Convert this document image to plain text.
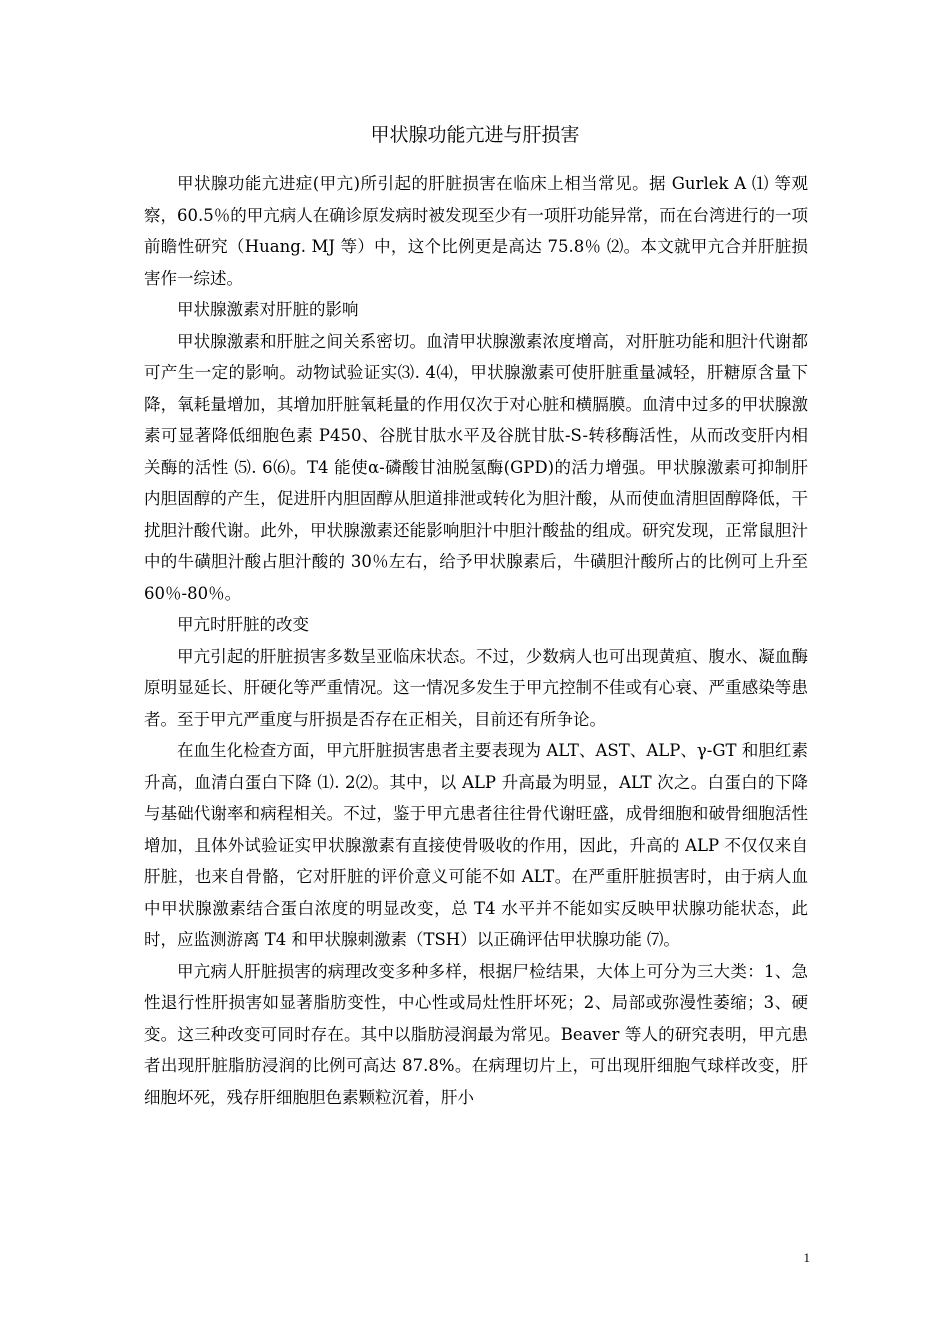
甲状腺功能亢进与肝损害

甲状腺功能亢进症(甲亢)所引起的肝脏损害在临床上相当常见。据 Gurlek A ⑴ 等观察，60.5％的甲亢病人在确诊原发病时被发现至少有一项肝功能异常，而在台湾进行的一项前瞻性研究（Huang. MJ 等）中，这个比例更是高达 75.8％ ⑵。本文就甲亢合并肝脏损害作一综述。

甲状腺激素对肝脏的影响

甲状腺激素和肝脏之间关系密切。血清甲状腺激素浓度增高，对肝脏功能和胆汁代谢都可产生一定的影响。动物试验证实⑶. 4⑷，甲状腺激素可使肝脏重量减轻，肝糖原含量下降，氧耗量增加，其增加肝脏氧耗量的作用仅次于对心脏和横膈膜。血清中过多的甲状腺激素可显著降低细胞色素 P450、谷胱甘肽水平及谷胱甘肽-S-转移酶活性，从而改变肝内相关酶的活性 ⑸. 6⑹。T4 能使α-磷酸甘油脱氢酶(GPD)的活力增强。甲状腺激素可抑制肝内胆固醇的产生，促进肝内胆固醇从胆道排泄或转化为胆汁酸，从而使血清胆固醇降低，干扰胆汁酸代谢。此外，甲状腺激素还能影响胆汁中胆汁酸盐的组成。研究发现，正常鼠胆汁中的牛磺胆汁酸占胆汁酸的 30％左右，给予甲状腺素后，牛磺胆汁酸所占的比例可上升至 60％-80％。

甲亢时肝脏的改变

甲亢引起的肝脏损害多数呈亚临床状态。不过，少数病人也可出现黄疸、腹水、凝血酶原明显延长、肝硬化等严重情况。这一情况多发生于甲亢控制不佳或有心衰、严重感染等患者。至于甲亢严重度与肝损是否存在正相关，目前还有所争论。

在血生化检查方面，甲亢肝脏损害患者主要表现为 ALT、AST、ALP、γ-GT 和胆红素升高，血清白蛋白下降 ⑴. 2⑵。其中，以 ALP 升高最为明显，ALT 次之。白蛋白的下降与基础代谢率和病程相关。不过，鉴于甲亢患者往往骨代谢旺盛，成骨细胞和破骨细胞活性增加，且体外试验证实甲状腺激素有直接使骨吸收的作用，因此，升高的 ALP 不仅仅来自肝脏，也来自骨骼，它对肝脏的评价意义可能不如 ALT。在严重肝脏损害时，由于病人血中甲状腺激素结合蛋白浓度的明显改变，总 T4 水平并不能如实反映甲状腺功能状态，此时，应监测游离 T4 和甲状腺刺激素（TSH）以正确评估甲状腺功能 ⑺。

甲亢病人肝脏损害的病理改变多种多样，根据尸检结果，大体上可分为三大类：1、急性退行性肝损害如显著脂肪变性，中心性或局灶性肝坏死；2、局部或弥漫性萎缩；3、硬变。这三种改变可同时存在。其中以脂肪浸润最为常见。Beaver 等人的研究表明，甲亢患者出现肝脏脂肪浸润的比例可高达 87.8%。在病理切片上，可出现肝细胞气球样改变，肝细胞坏死，残存肝细胞胆色素颗粒沉着，肝小

1
